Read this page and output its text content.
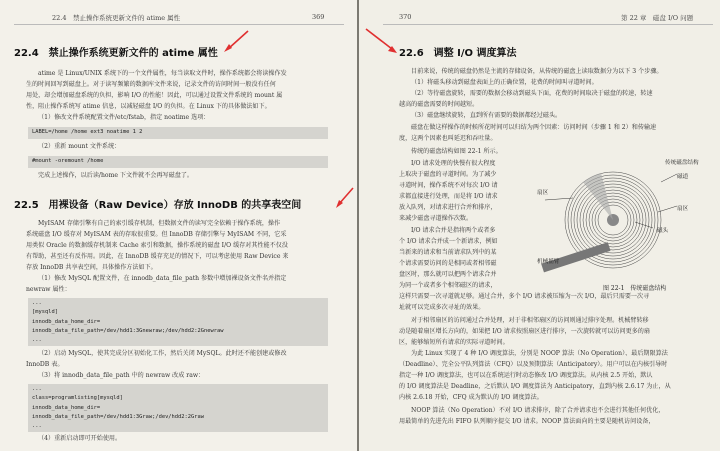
22.4　禁止操作系统更新文件的 atime 属性	369
22.4　禁止操作系统更新文件的 atime 属性
atime 是 Linux/UNIX 系统下的一个文件属性，每当读取文件时，操作系统都会将读操作发
生的时间回写到磁盘上。对于读写频繁的数据库文件来说，记录文件的访问时间一般没有任何
用处，却会增加磁盘系统的负担，影响 I/O 的性能！因此，可以通过设置文件系统的 mount 属
性，阻止操作系统写 atime 信息，以减轻磁盘 I/O 的负担。在 Linux 下的具体做法如下。
（1）修改文件系统配置文件/etc/fstab，指定 noatime 选项：
LABEL=/home /home ext3 noatime 1 2
（2）重新 mount 文件系统：
#mount -oremount /home
完成上述操作，以后读/home 下文件就不会再写磁盘了。
22.5　用裸设备（Raw Device）存放 InnoDB 的共享表空间
MyISAM 存储引擎有自己的索引缓存机制，但数据文件的读写完全依赖于操作系统，操作
系统磁盘 I/O 缓存对 MyISAM 表的存取很重要。但 InnoDB 存储引擎与 MyISAM 不同，它采
用类似 Oracle 的数据缓存机制来 Cache 索引和数据，操作系统的磁盘 I/O 缓存对其性能不仅没
有帮助，甚至还有反作用。因此，在 InnoDB 缓存充足的情况下，可以考虑使用 Raw Device 来
存放 InnoDB 共享表空间，具体操作方法如下。
（1）修改 MySQL 配置文件，在 innodb_data_file_path 参数中增加裸设备文件名并指定
newraw 属性：
...
[mysqld]
innodb_data_home_dir=
innodb_data_file_path=/dev/hdd1:3Gnewraw;/dev/hdd2:2Gnewraw
...
（2）启动 MySQL，使其完成分区初始化工作，然后关闭 MySQL。此时还不能创建或修改
InnoDB 表。
（3）将 innodb_data_file_path 中的 newraw 改成 raw：
...
class=programlisting[mysqld]
innodb_data_home_dir=
innodb_data_file_path=/dev/hdd1:3Graw;/dev/hdd2:2Graw
...
（4）重新启动即可开始使用。
370	第 22 章　磁盘 I/O 问题
22.6　调整 I/O 调度算法
目前来说，传统的磁盘仍然是主流的存储设备，从传统的磁盘上读取数据分为以下 3 个步骤。
（1）将磁头移动到磁盘表面上的正确位置，花费的时间叫寻道时间。
（2）等待磁盘旋转，需要的数据会移动到磁头下面，花费的时间取决于磁盘的转速，转速
越高的磁盘需要的时间越短。
（3）磁盘继续旋转，直到所有需要的数据都经过磁头。
磁盘在做这样操作的时候所花时间可以归结为两个因素：访问时间（步骤 1 和 2）和传输速
度，这两个因素也叫延迟和吞吐量。
传统的磁盘结构如图 22-1 所示。
I/O 请求处理的快慢有很大程度
上取决于磁盘的寻道时间。为了减少
寻道时间，操作系统不对每次 I/O 请
求都直接进行处理，而是将 I/O 请求
放入队列，对请求进行合并和排序，
来减少磁盘寻道操作次数。
I/O 请求合并是指将两个或者多
个 I/O 请求合并成一个新请求，例如
当新来的请求和当前请求队列中的某
个请求需要访问的是相同或者相邻磁
盘区时，那么就可以把两个请求合并
为同一个或者多个相邻磁区的请求，
这样只需要一次寻道就足够。通过合并，多个 I/O 请求被压缩为一次 I/O，最后只需要一次寻
址就可以完成多次寻址的效果。
对于相邻扇区的访问通过合并处理，对于非相邻扇区的访问则通过排序处理。机械臂转移
动是随着扇区增长方向的，如果把 I/O 请求按照扇区进行排序，一次旋转就可以访问更多的扇
区，能够缩短所有请求的实际寻道时间。
为此 Linux 实现了 4 种 I/O 调度算法，分别是 NOOP 算法（No Operation）、最后期限算法
（Deadline）、完全公平队列算法（CFQ）以及预期算法（Anticipatory）。用户可以在内核引导时
指定一种 I/O 调度算法，也可以在系统运行时动态修改 I/O 调度算法。从内核 2.5 开始，默认
的 I/O 调度算法是 Deadline，之后默认 I/O 调度算法为 Anticipatory，直到内核 2.6.17 为止，从
内核 2.6.18 开始，CFQ 成为默认的 I/O 调度算法。
NOOP 算法（No Operation）不对 I/O 请求排序，除了合并请求也不会进行其他任何优化，
用最简单的先进先出 FIFO 队列顺序提交 I/O 请求。NOOP 算法面向的主要是随机访问设备，
传统磁盘结构
磁道
扇区
磁头
扇区
机械摇臂
图 22-1　传统磁盘结构
